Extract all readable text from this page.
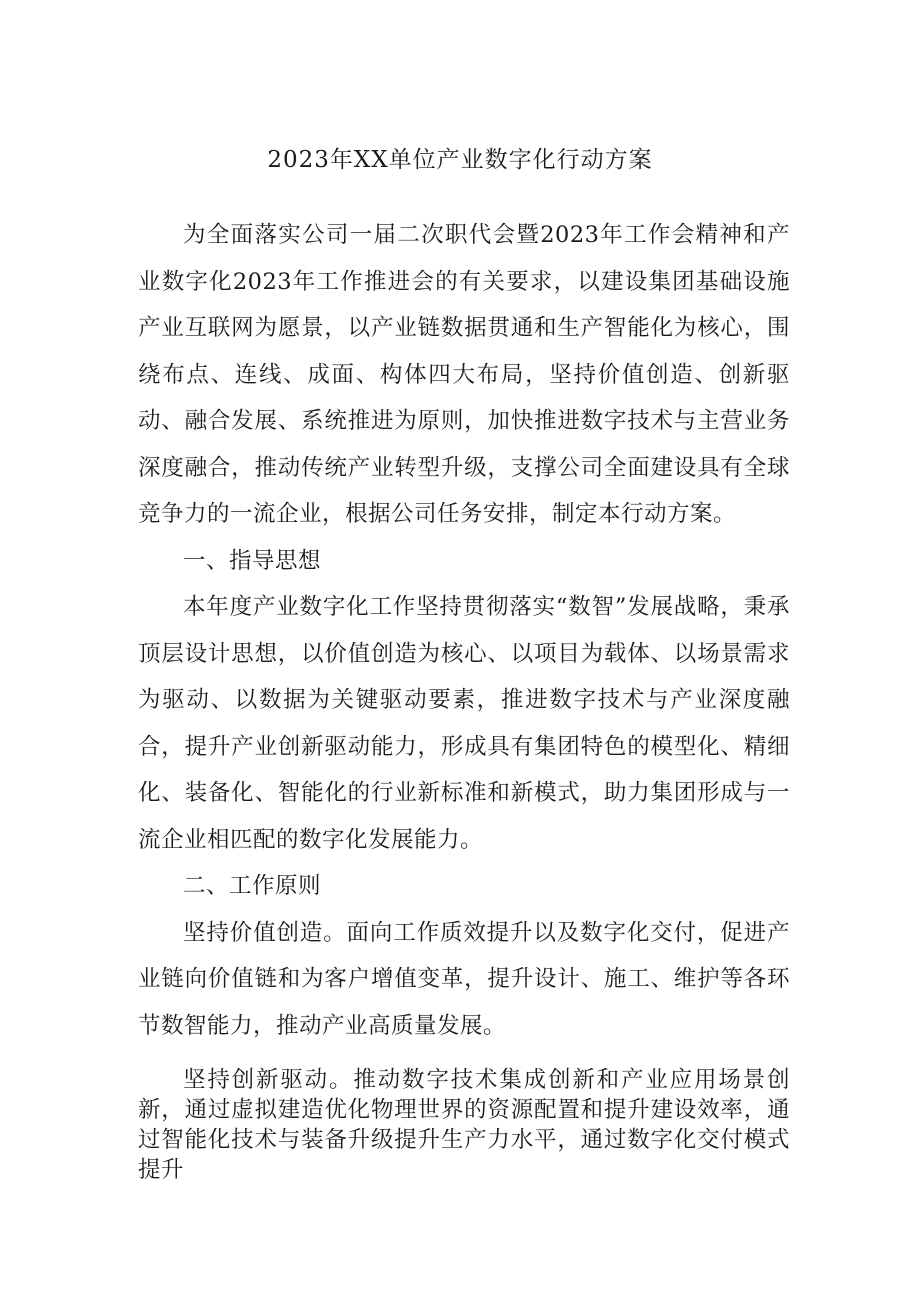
2023年XX单位产业数字化行动方案

为全面落实公司一届二次职代会暨2023年工作会精神和产业数字化2023年工作推进会的有关要求，以建设集团基础设施产业互联网为愿景，以产业链数据贯通和生产智能化为核心，围绕布点、连线、成面、构体四大布局，坚持价值创造、创新驱动、融合发展、系统推进为原则，加快推进数字技术与主营业务深度融合，推动传统产业转型升级，支撑公司全面建设具有全球竞争力的一流企业，根据公司任务安排，制定本行动方案。

一、指导思想

本年度产业数字化工作坚持贯彻落实“数智”发展战略，秉承顶层设计思想，以价值创造为核心、以项目为载体、以场景需求为驱动、以数据为关键驱动要素，推进数字技术与产业深度融合，提升产业创新驱动能力，形成具有集团特色的模型化、精细化、装备化、智能化的行业新标准和新模式，助力集团形成与一流企业相匹配的数字化发展能力。

二、工作原则

坚持价值创造。面向工作质效提升以及数字化交付，促进产业链向价值链和为客户增值变革，提升设计、施工、维护等各环节数智能力，推动产业高质量发展。

坚持创新驱动。推动数字技术集成创新和产业应用场景创新，通过虚拟建造优化物理世界的资源配置和提升建设效率，通过智能化技术与装备升级提升生产力水平，通过数字化交付模式提升
